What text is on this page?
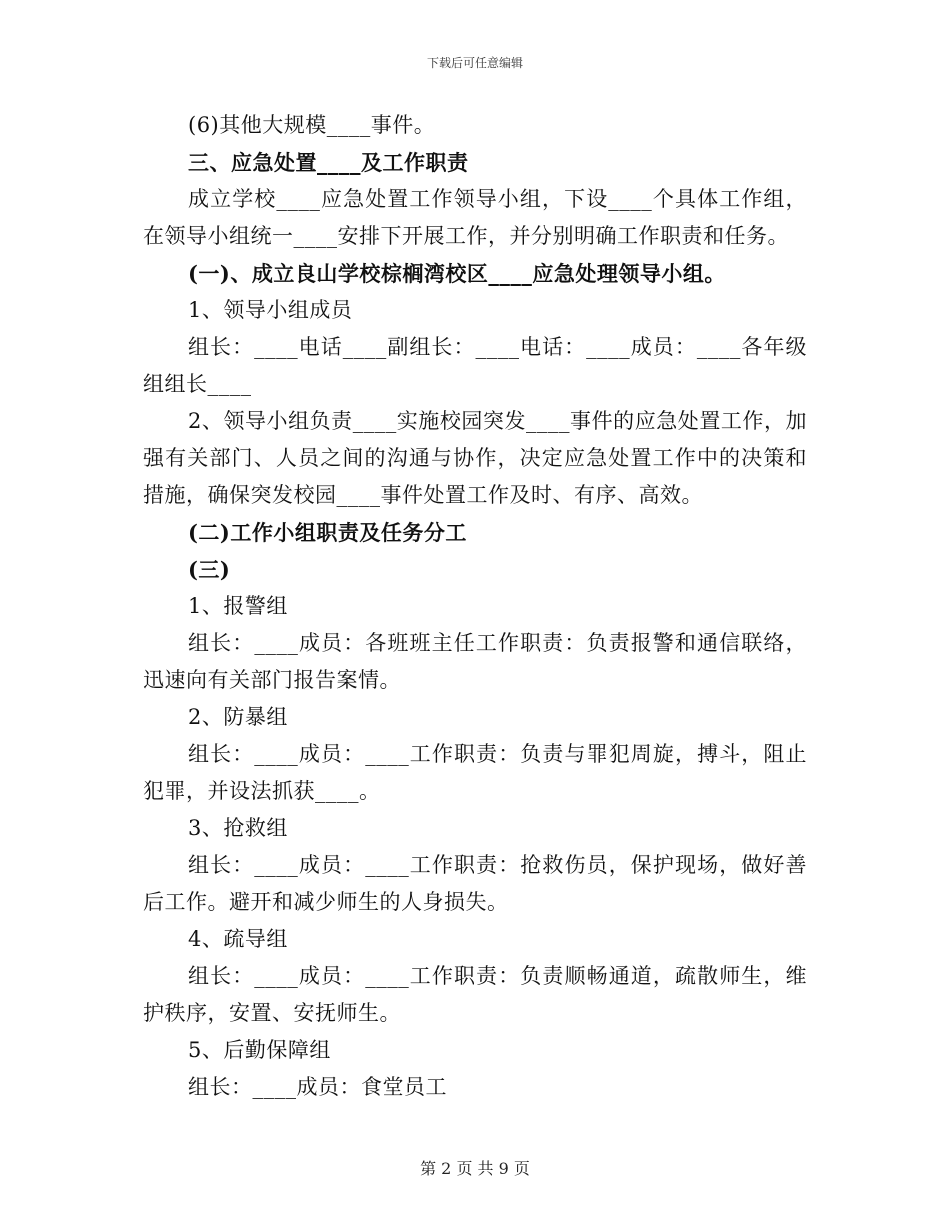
下载后可任意编辑

(6)其他大规模____事件。

三、应急处置____及工作职责

成立学校____应急处置工作领导小组，下设____个具体工作组，在领导小组统一____安排下开展工作，并分别明确工作职责和任务。

(一)、成立良山学校棕榈湾校区____应急处理领导小组。

1、领导小组成员

组长：____电话____副组长：____电话：____成员：____各年级组组长____

2、领导小组负责____实施校园突发____事件的应急处置工作，加强有关部门、人员之间的沟通与协作，决定应急处置工作中的决策和措施，确保突发校园____事件处置工作及时、有序、高效。

(二)工作小组职责及任务分工

(三)

1、报警组

组长：____成员：各班班主任工作职责：负责报警和通信联络，迅速向有关部门报告案情。

2、防暴组

组长：____成员：____工作职责：负责与罪犯周旋，搏斗，阻止犯罪，并设法抓获____。

3、抢救组

组长：____成员：____工作职责：抢救伤员，保护现场，做好善后工作。避开和减少师生的人身损失。

4、疏导组

组长：____成员：____工作职责：负责顺畅通道，疏散师生，维护秩序，安置、安抚师生。

5、后勤保障组

组长：____成员：食堂员工

第 2 页 共 9 页
